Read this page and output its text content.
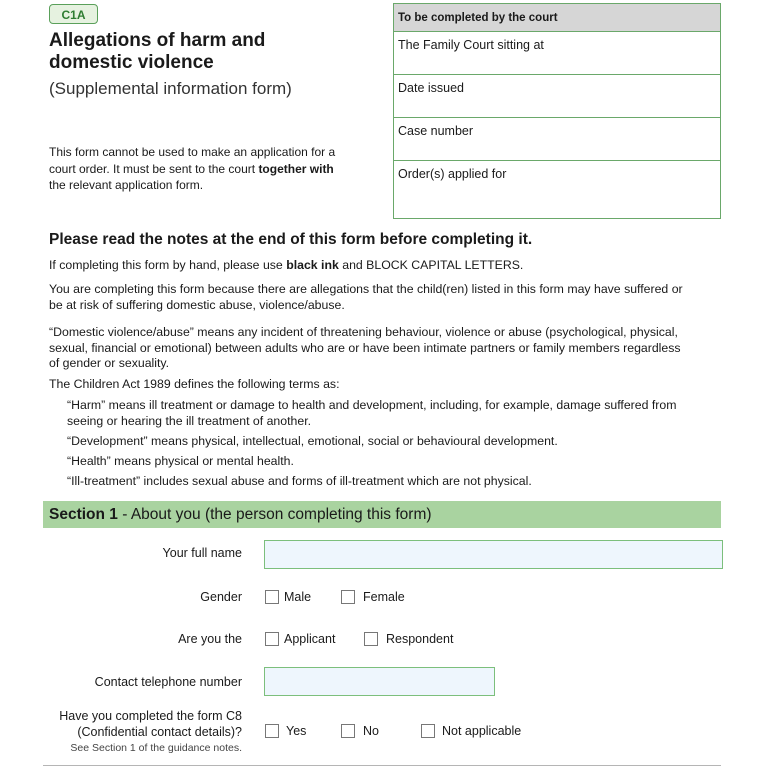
C1A
Allegations of harm and
domestic violence
(Supplemental information form)
This form cannot be used to make an application for a
court order. It must be sent to the court together with
the relevant application form.
To be completed by the court
The Family Court sitting at
Date issued
Case number
Order(s) applied for
Please read the notes at the end of this form before completing it.
If completing this form by hand, please use black ink and BLOCK CAPITAL LETTERS.
You are completing this form because there are allegations that the child(ren) listed in this form may have suffered or
be at risk of suffering domestic abuse, violence/abuse.
“Domestic violence/abuse” means any incident of threatening behaviour, violence or abuse (psychological, physical,
sexual, financial or emotional) between adults who are or have been intimate partners or family members regardless
of gender or sexuality.
The Children Act 1989 defines the following terms as:
“Harm” means ill treatment or damage to health and development, including, for example, damage suffered from
seeing or hearing the ill treatment of another.
“Development” means physical, intellectual, emotional, social or behavioural development.
“Health” means physical or mental health.
“Ill-treatment” includes sexual abuse and forms of ill-treatment which are not physical.
Section 1 - About you (the person completing this form)
Your full name
Gender	Male	Female
Are you the	Applicant	Respondent
Contact telephone number
Have you completed the form C8
(Confidential contact details)?
See Section 1 of the guidance notes.
Yes	No	Not applicable
